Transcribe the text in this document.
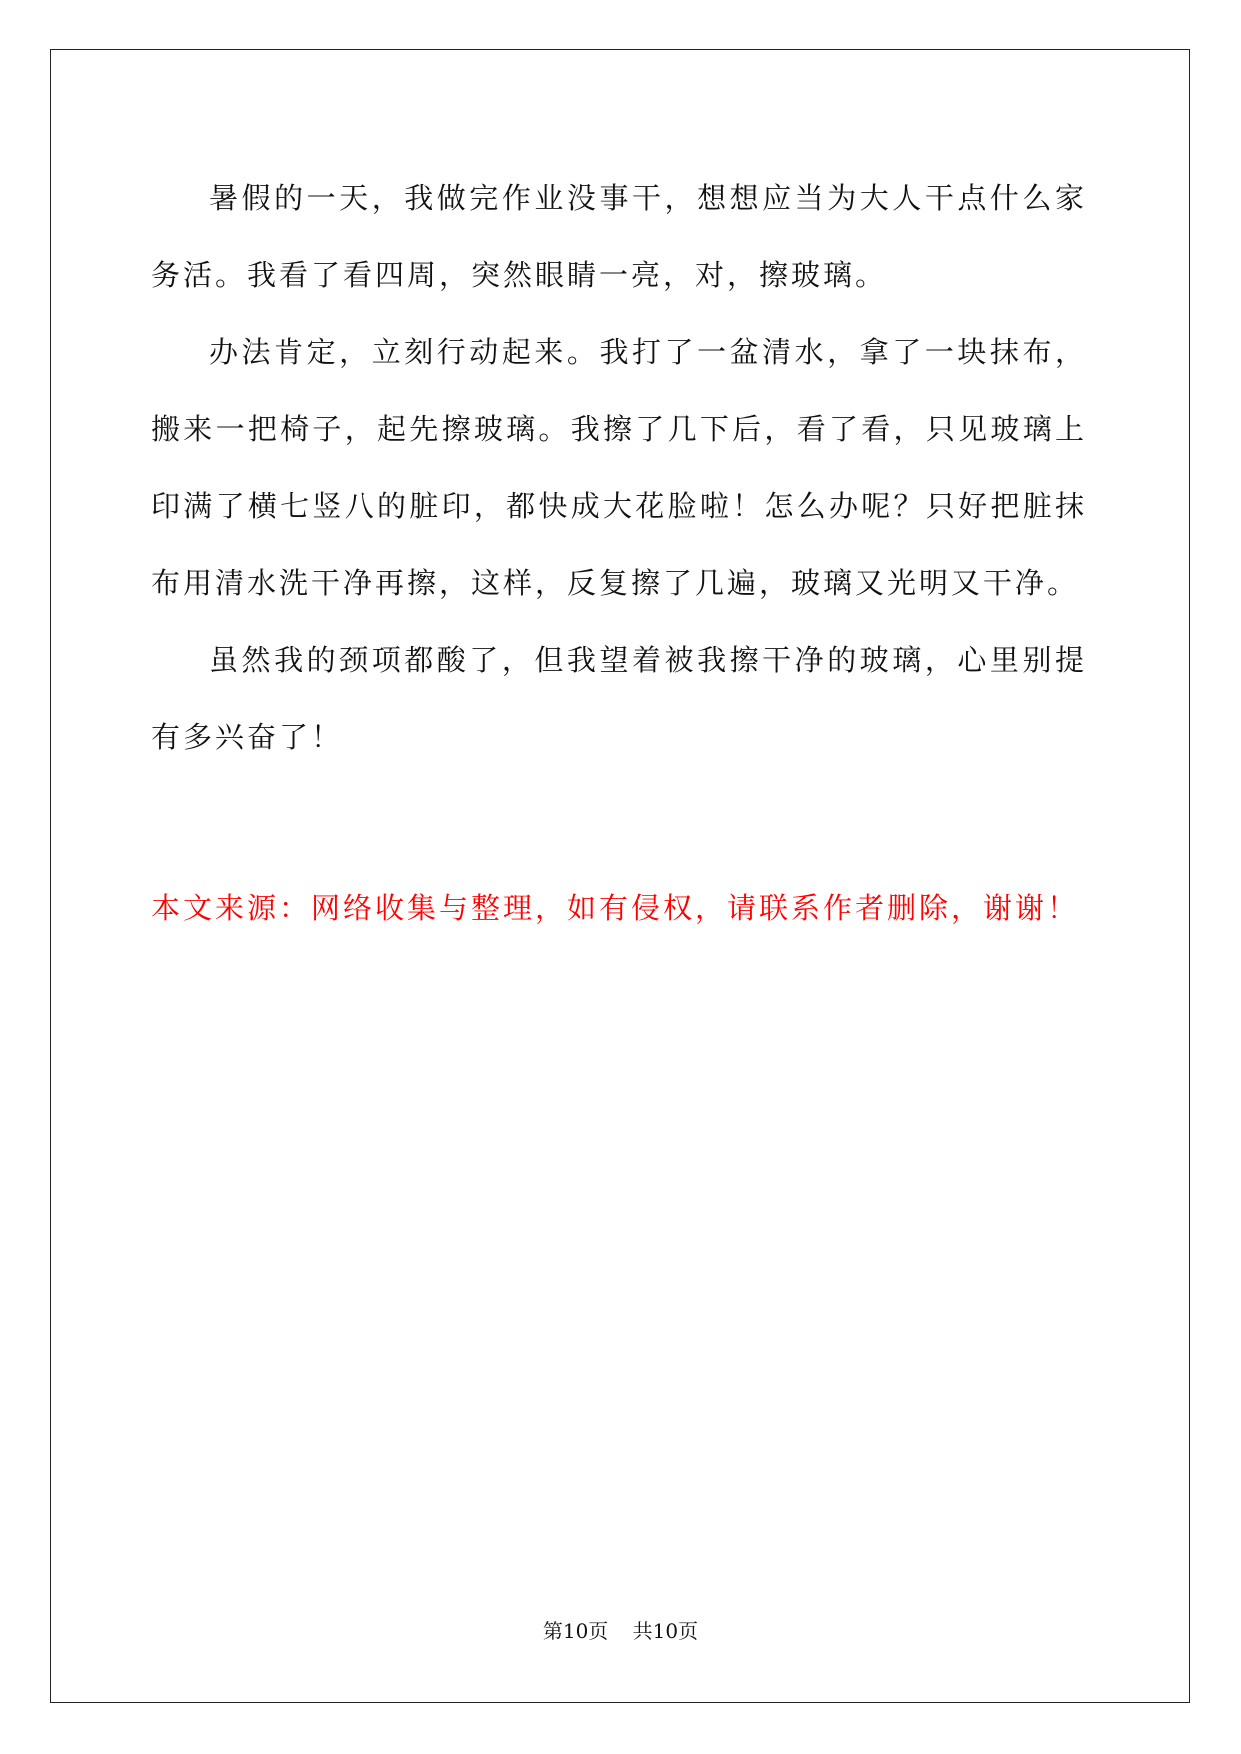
暑假的一天，我做完作业没事干，想想应当为大人干点什么家务活。我看了看四周，突然眼睛一亮，对，擦玻璃。

办法肯定，立刻行动起来。我打了一盆清水，拿了一块抹布，搬来一把椅子，起先擦玻璃。我擦了几下后，看了看，只见玻璃上印满了横七竖八的脏印，都快成大花脸啦！怎么办呢？只好把脏抹布用清水洗干净再擦，这样，反复擦了几遍，玻璃又光明又干净。

虽然我的颈项都酸了，但我望着被我擦干净的玻璃，心里别提有多兴奋了！

本文来源：网络收集与整理，如有侵权，请联系作者删除，谢谢！

第10页 共10页
